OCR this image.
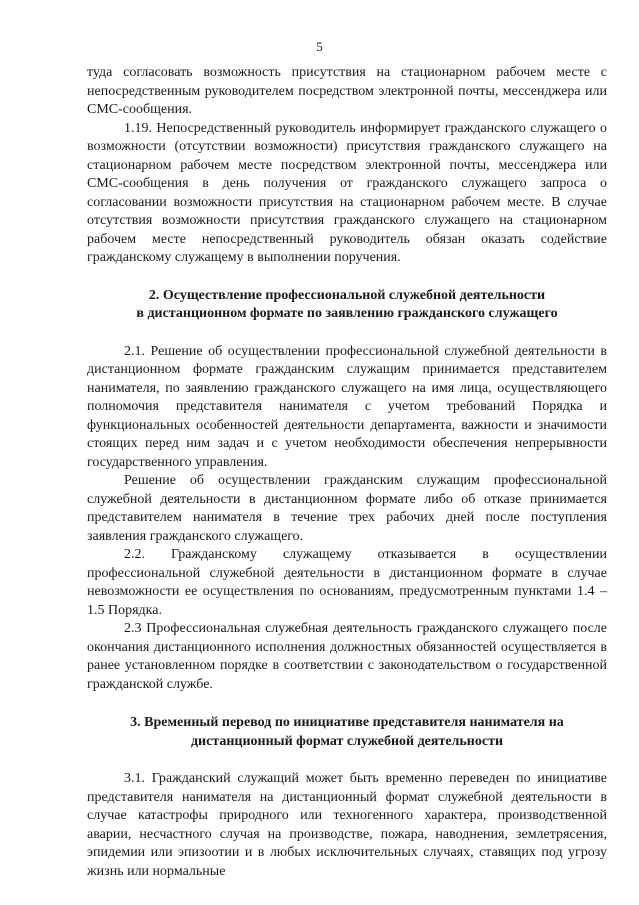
5

туда согласовать возможность присутствия на стационарном рабочем месте с непосредственным руководителем посредством электронной почты, мессенджера или СМС-сообщения.

1.19. Непосредственный руководитель информирует гражданского служащего о возможности (отсутствии возможности) присутствия гражданского служащего на стационарном рабочем месте посредством электронной почты, мессенджера или СМС-сообщения в день получения от гражданского служащего запроса о согласовании возможности присутствия на стационарном рабочем месте. В случае отсутствия возможности присутствия гражданского служащего на стационарном рабочем месте непосредственный руководитель обязан оказать содействие гражданскому служащему в выполнении поручения.

2. Осуществление профессиональной служебной деятельности
в дистанционном формате по заявлению гражданского служащего

2.1. Решение об осуществлении профессиональной служебной деятельности в дистанционном формате гражданским служащим принимается представителем нанимателя, по заявлению гражданского служащего на имя лица, осуществляющего полномочия представителя нанимателя с учетом требований Порядка и функциональных особенностей деятельности департамента, важности и значимости стоящих перед ним задач и с учетом необходимости обеспечения непрерывности государственного управления.

Решение об осуществлении гражданским служащим профессиональной служебной деятельности в дистанционном формате либо об отказе принимается представителем нанимателя в течение трех рабочих дней после поступления заявления гражданского служащего.

2.2. Гражданскому служащему отказывается в осуществлении профессиональной служебной деятельности в дистанционном формате в случае невозможности ее осуществления по основаниям, предусмотренным пунктами 1.4 – 1.5 Порядка.

2.3 Профессиональная служебная деятельность гражданского служащего после окончания дистанционного исполнения должностных обязанностей осуществляется в ранее установленном порядке в соответствии с законодательством о государственной гражданской службе.

3. Временный перевод по инициативе представителя нанимателя на
дистанционный формат служебной деятельности

3.1. Гражданский служащий может быть временно переведен по инициативе представителя нанимателя на дистанционный формат служебной деятельности в случае катастрофы природного или техногенного характера, производственной аварии, несчастного случая на производстве, пожара, наводнения, землетрясения, эпидемии или эпизоотии и в любых исключительных случаях, ставящих под угрозу жизнь или нормальные
